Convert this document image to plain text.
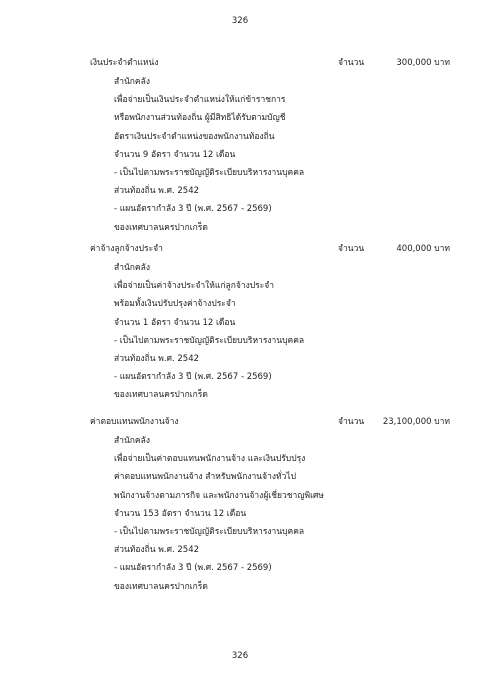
326
เงินประจำตำแหน่ง	จำนวน	300,000 บาท
สำนักคลัง
เพื่อจ่ายเป็นเงินประจำตำแหน่งให้แก่ข้าราชการ
หรือพนักงานส่วนท้องถิ่น ผู้มีสิทธิได้รับตามบัญชี
อัตราเงินประจำตำแหน่งของพนักงานท้องถิ่น
จำนวน 9 อัตรา จำนวน 12 เดือน
- เป็นไปตามพระราชบัญญัติระเบียบบริหารงานบุคคล
ส่วนท้องถิ่น พ.ศ. 2542
- แผนอัตรากำลัง 3 ปี (พ.ศ. 2567 - 2569)
ของเทศบาลนครปากเกร็ด
ค่าจ้างลูกจ้างประจำ	จำนวน	400,000 บาท
สำนักคลัง
เพื่อจ่ายเป็นค่าจ้างประจำให้แก่ลูกจ้างประจำ
พร้อมทั้งเงินปรับปรุงค่าจ้างประจำ
จำนวน 1 อัตรา จำนวน 12 เดือน
- เป็นไปตามพระราชบัญญัติระเบียบบริหารงานบุคคล
ส่วนท้องถิ่น พ.ศ. 2542
- แผนอัตรากำลัง 3 ปี (พ.ศ. 2567 - 2569)
ของเทศบาลนครปากเกร็ด
ค่าตอบแทนพนักงานจ้าง	จำนวน 23,100,000 บาท
สำนักคลัง
เพื่อจ่ายเป็นค่าตอบแทนพนักงานจ้าง และเงินปรับปรุง
ค่าตอบแทนพนักงานจ้าง สำหรับพนักงานจ้างทั่วไป
พนักงานจ้างตามภารกิจ และพนักงานจ้างผู้เชี่ยวชาญพิเศษ
จำนวน 153 อัตรา จำนวน 12 เดือน
- เป็นไปตามพระราชบัญญัติระเบียบบริหารงานบุคคล
ส่วนท้องถิ่น พ.ศ. 2542
- แผนอัตรากำลัง 3 ปี (พ.ศ. 2567 - 2569)
ของเทศบาลนครปากเกร็ด
326
